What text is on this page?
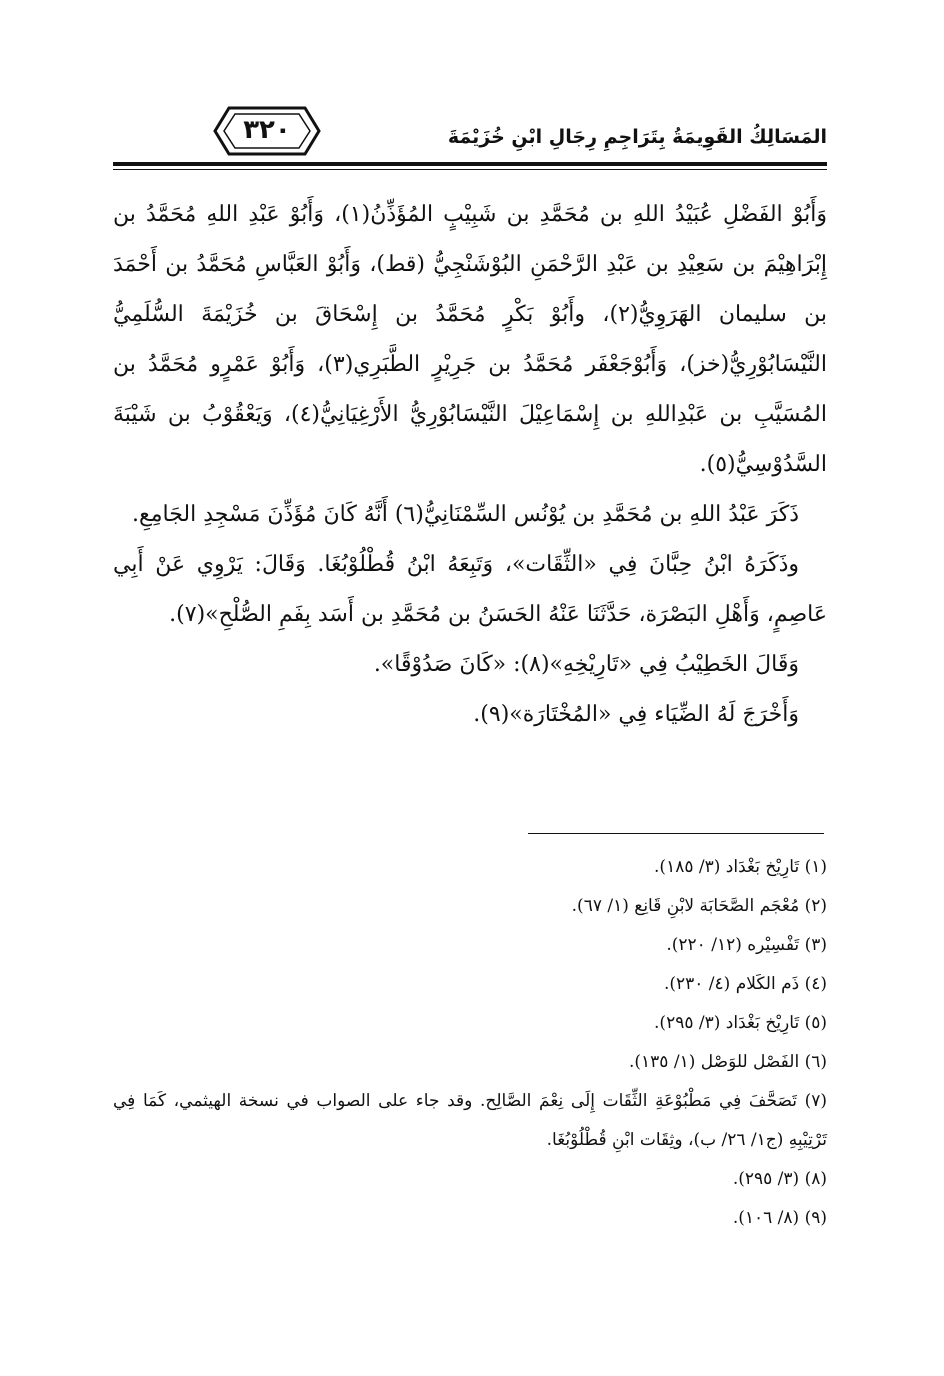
٣٢٠	المَسَالِكُ القَوِيمَةُ بِتَرَاجِمِ رِجَالِ ابْنِ خُزَيْمَةَ

وَأَبُوْ الفَضْلِ عُبَيْدُ اللهِ بن مُحَمَّدِ بن شَبِيْبٍ المُؤَذِّنُ(١)، وَأَبُوْ عَبْدِ اللهِ مُحَمَّدُ بن إِبْرَاهِيْمَ بن سَعِيْدِ بن عَبْدِ الرَّحْمَنِ البُوْشَنْجِيُّ (قط)، وَأَبُوْ العَبَّاسِ مُحَمَّدُ بن أَحْمَدَ بن سليمان الهَرَوِيُّ(٢)، وأَبُوْ بَكْرٍ مُحَمَّدُ بن إِسْحَاقَ بن خُزَيْمَةَ السُّلَمِيُّ النَّيْسَابُوْرِيُّ(خز)، وَأَبُوْجَعْفَر مُحَمَّدُ بن جَرِيْرٍ الطَّبَرِي(٣)، وَأَبُوْ عَمْرٍو مُحَمَّدُ بن المُسَيَّبِ بن عَبْدِاللهِ بن إِسْمَاعِيْلَ النَّيْسَابُوْرِيُّ الأَرْغِيَانِيُّ(٤)، وَيَعْقُوْبُ بن شَيْبَةَ السَّدُوْسِيُّ(٥).

ذَكَرَ عَبْدُ اللهِ بن مُحَمَّدِ بن يُوْنُس السِّمْنَانِيُّ(٦) أَنَّهُ كَانَ مُؤَذِّنَ مَسْجِدِ الجَامِعِ.

وذَكَرَهُ ابْنُ حِبَّانَ فِي «الثِّقَات»، وَتَبِعَهُ ابْنُ قُطْلُوْبُغَا. وَقَالَ: يَرْوِي عَنْ أَبِي عَاصِمٍ، وَأَهْلِ البَصْرَة، حَدَّثَنَا عَنْهُ الحَسَنُ بن مُحَمَّدِ بن أَسَد بِفَمِ الصُّلْحِ»(٧).

وَقَالَ الخَطِيْبُ فِي «تَارِيْخِهِ»(٨): «كَانَ صَدُوْقًا».

وَأَخْرَجَ لَهُ الضِّيَاء فِي «المُخْتَارَة»(٩).

(١) تَارِيْخ بَغْدَاد (٣/ ١٨٥).
(٢) مُعْجَم الصَّحَابَة لابْنِ قَانِع (١/ ٦٧).
(٣) تَفْسِيْره (١٢/ ٢٢٠).
(٤) ذَم الكَلام (٤/ ٢٣٠).
(٥) تَارِيْخ بَغْدَاد (٣/ ٢٩٥).
(٦) الفَصْل للوَصْل (١/ ١٣٥).
(٧) تَصَحَّفَ فِي مَطْبُوْعَةِ الثِّقَات إِلَى نِعْمَ الصَّالِح. وقد جاء على الصواب في نسخة الهيثمي، كَمَا فِي تَرْتِيْبِهِ (ج١/ ٢٦/ ب)، وثِقَات ابْنِ قُطْلُوْبُغَا.
(٨) (٣/ ٢٩٥).
(٩) (٨/ ١٠٦).
